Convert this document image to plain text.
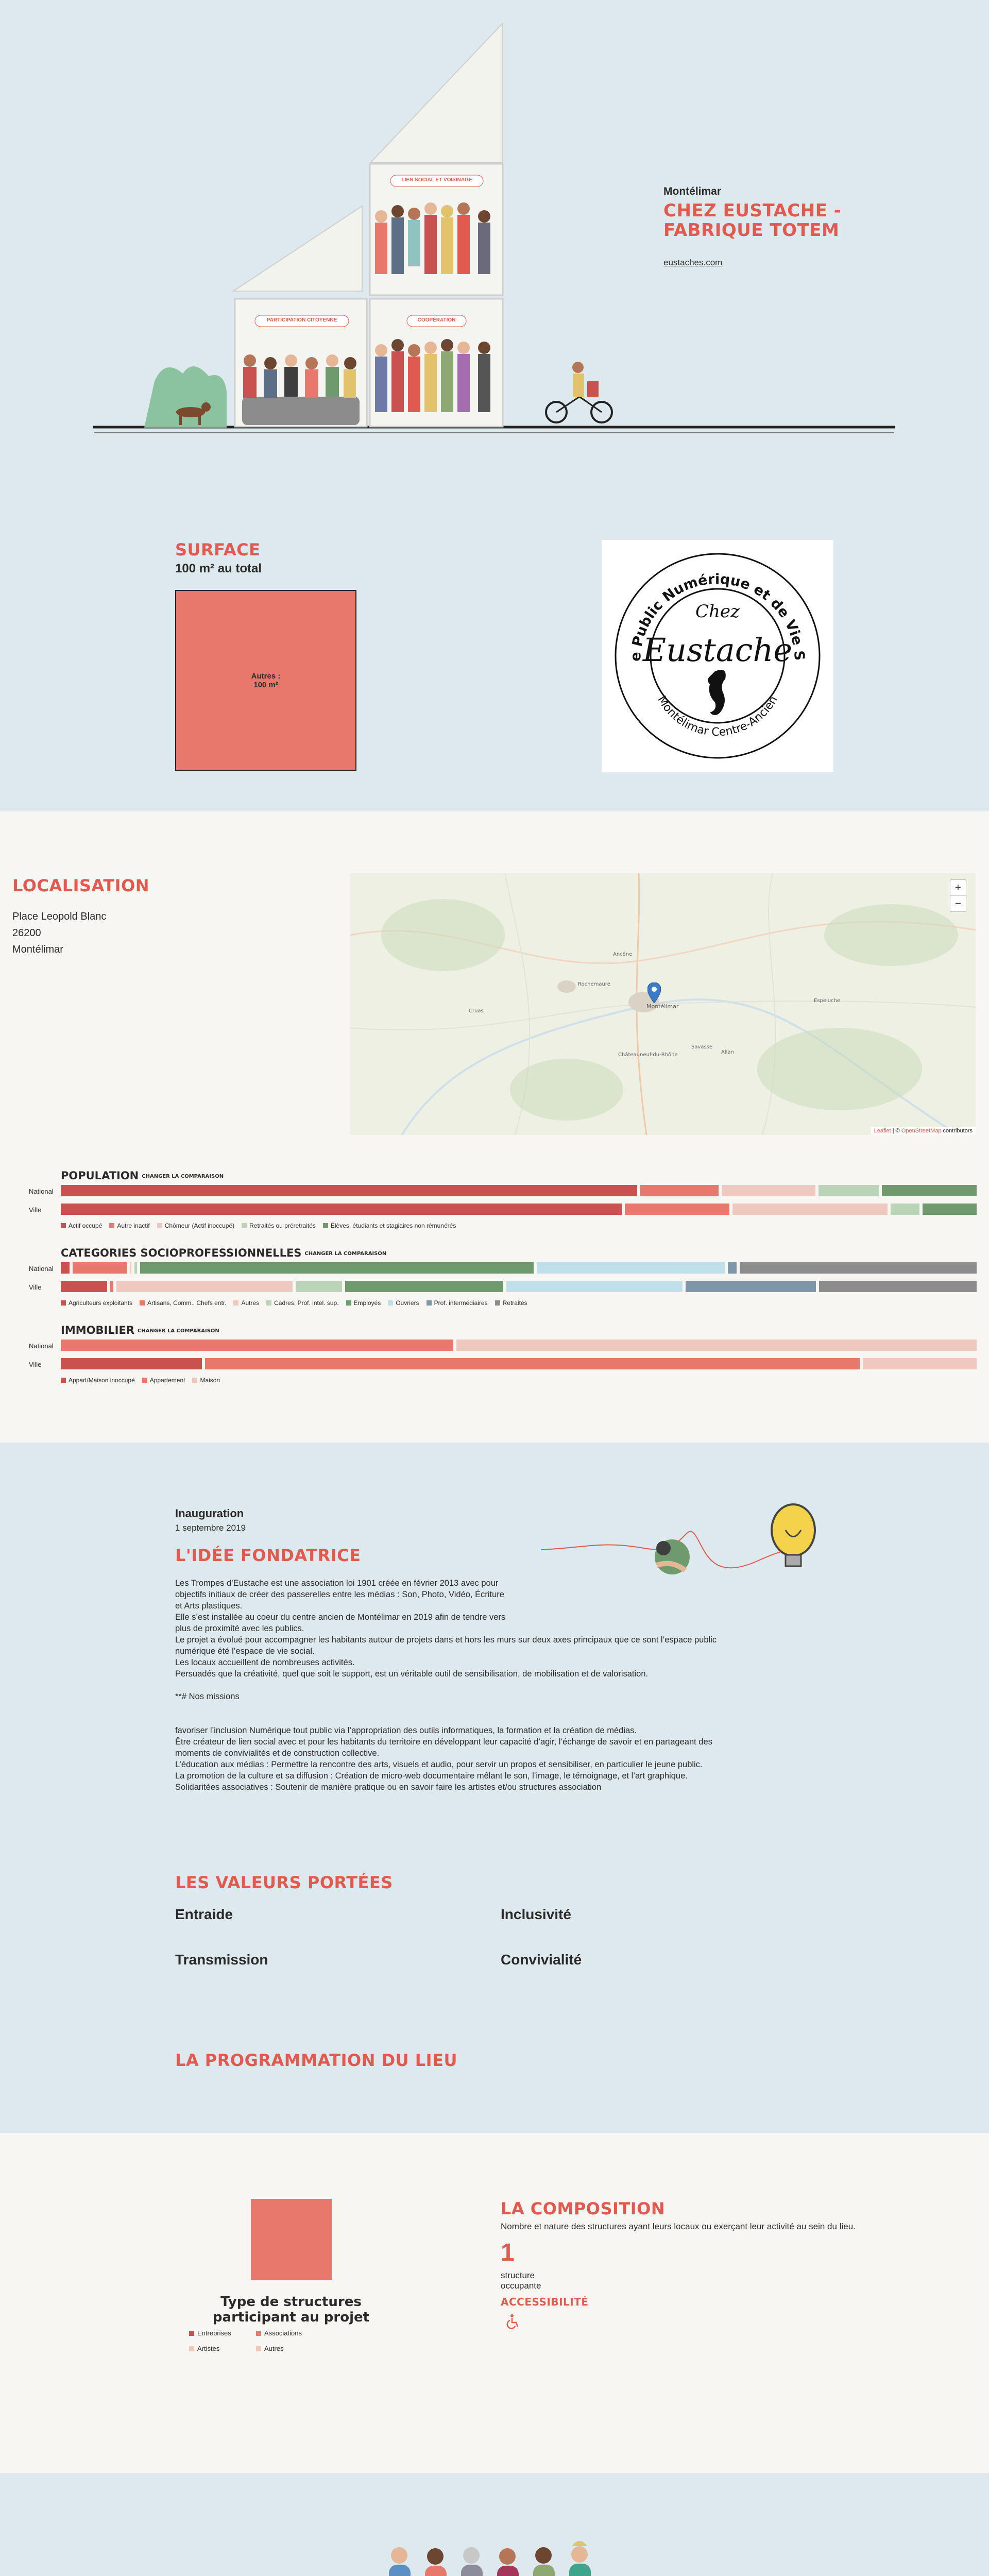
LIEN SOCIAL ET VOISINAGE
PARTICIPATION CITOYENNE	COOPÉRATION
Montélimar
CHEZ EUSTACHE -
FABRIQUE TOTEM
eustaches.com
SURFACE
100 m² au total
Autres :
100 m²
e Public Numérique et de Vie S
Montélimar Centre-Ancien
Chez
Eustache
LOCALISATION
Place Leopold Blanc
26200
Montélimar
Montélimar
Ancône
Rochemaure
Cruas
Savasse
Châteauneuf-du-Rhône	Allan
Espeluche
+
−
Leaflet | © OpenStreetMap contributors
POPULATION CHANGER LA COMPARAISON
National
Ville
Actif occupé	Autre inactif	Chômeur (Actif inoccupé)	Retraités ou préretraités	Élèves, étudiants et stagiaires non rémunérés
CATEGORIES SOCIOPROFESSIONNELLES CHANGER LA COMPARAISON
National
Ville
Agriculteurs exploitants	Artisans, Comm., Chefs entr.	Autres	Cadres, Prof. intel. sup.	Employés	Ouvriers	Prof. intermédiaires	Retraités
IMMOBILIER CHANGER LA COMPARAISON
National
Ville
Appart/Maison inoccupé	Appartement	Maison
Inauguration
1 septembre 2019
L'IDÉE FONDATRICE
Les Trompes d’Eustache est une association loi 1901 créée en février 2013 avec pour
objectifs initiaux de créer des passerelles entre les médias : Son, Photo, Vidéo, Écriture
et Arts plastiques.
Elle s’est installée au coeur du centre ancien de Montélimar en 2019 afin de tendre vers
plus de proximité avec les publics.
Le projet a évolué pour accompagner les habitants autour de projets dans et hors les murs sur deux axes principaux que ce sont l’espace public
numérique été l’espace de vie social.
Les locaux accueillent de nombreuses activités.
Persuadés que la créativité, quel que soit le support, est un véritable outil de sensibilisation, de mobilisation et de valorisation.

**# Nos missions

favoriser l’inclusion Numérique tout public via l’appropriation des outils informatiques, la formation et la création de médias.
Être créateur de lien social avec et pour les habitants du territoire en développant leur capacité d’agir, l’échange de savoir et en partageant des
moments de convivialités et de construction collective.
L’éducation aux médias : Permettre la rencontre des arts, visuels et audio, pour servir un propos et sensibiliser, en particulier le jeune public.
La promotion de la culture et sa diffusion : Création de micro-web documentaire mêlant le son, l’image, le témoignage, et l’art graphique.
Solidaritées associatives : Soutenir de manière pratique ou en savoir faire les artistes et/ou structures association
LES VALEURS PORTÉES
Entraide	Inclusivité
Transmission	Convivialité
LA PROGRAMMATION DU LIEU
Type de structures
participant au projet
Entreprises	Associations
Artistes	Autres
LA COMPOSITION
Nombre et nature des structures ayant leurs locaux ou exerçant leur activité au sein du lieu.
1
structure
occupante
ACCESSIBILITÉ
